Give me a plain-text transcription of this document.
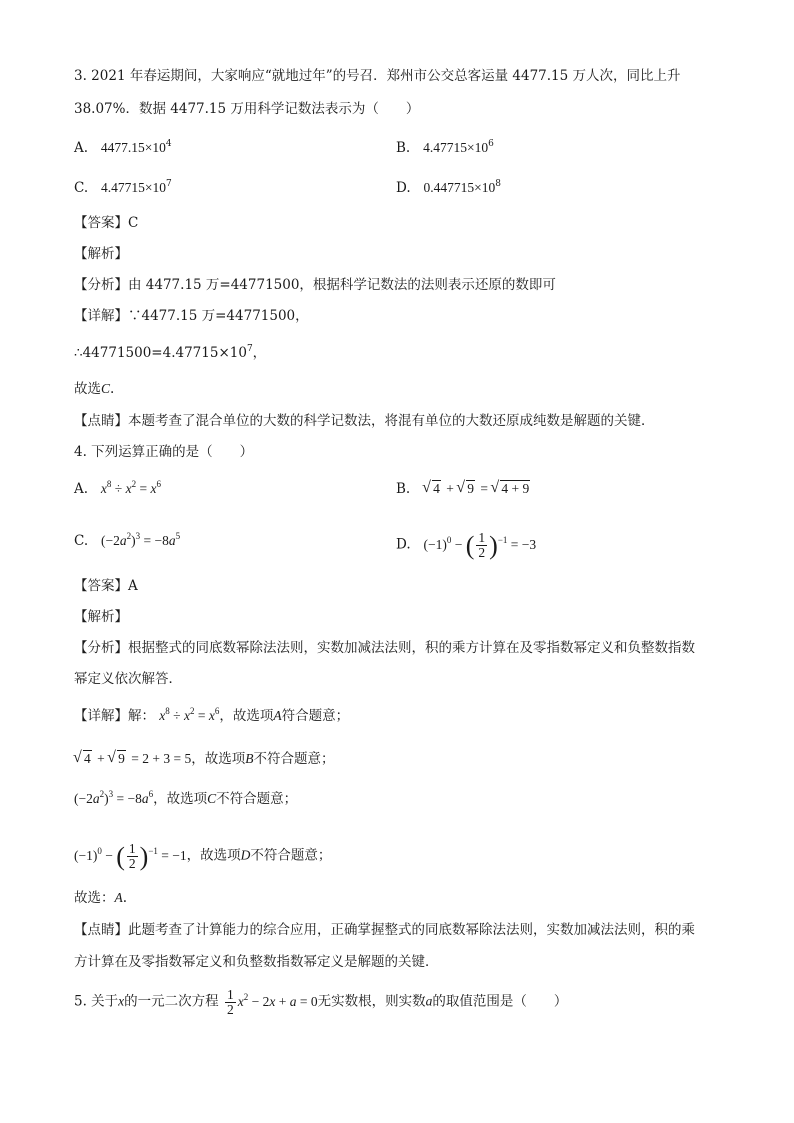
3. 2021 年春运期间，大家响应“就地过年”的号召．郑州市公交总客运量 4477.15 万人次，同比上升
38.07%．数据 4477.15 万用科学记数法表示为（　　）
A. $4477.15\times 10^4$	B. $4.47715\times 10^6$
C. $4.47715\times 10^7$	D. $0.447715\times 10^8$
【答案】C
【解析】
【分析】由 4477.15 万=44771500，根据科学记数法的法则表示还原的数即可
【详解】∵4477.15 万=44771500，
$\therefore 44771500=4.47715\times 10^7$，
故选C.
【点睛】本题考查了混合单位的大数的科学记数法，将混有单位的大数还原成纯数是解题的关键．
4. 下列运算正确的是（　　）
A. $x^8 \div x^2 = x^6$	B.   √ 4 + √ 9 = √ 4 + 9
C. $(-2a^2)^3 = -8a^5$
D. $(-1)^0$ − ( $\frac{1}{2} )^{-1} = -3$
【答案】A
【解析】
【分析】根据整式的同底数幂除法法则，实数加减法法则，积的乘方计算在及零指数幂定义和负整数指数
幂定义依次解答．
【详解】解： $x^8 \div x^2 = x^6$，故选项A符合题意；
√ 4 + √ 9 = 2 + 3 = 5，故选项B不符合题意；
$(-2a^2)^3 = -8a^6$，故选项C不符合题意；
$(-1)^0$ − ( $\frac{1}{2} )^{-1} = -1$，故选项D不符合题意；
故选：A.
【点睛】此题考查了计算能力的综合应用，正确掌握整式的同底数幂除法法则，实数加减法法则，积的乘
方计算在及零指数幂定义和负整数指数幂定义是解题的关键．
5. 关于x的一元二次方程 $\frac{1}{2} x^2 - 2x + a = 0$无实数根，则实数a的取值范围是（　　）
